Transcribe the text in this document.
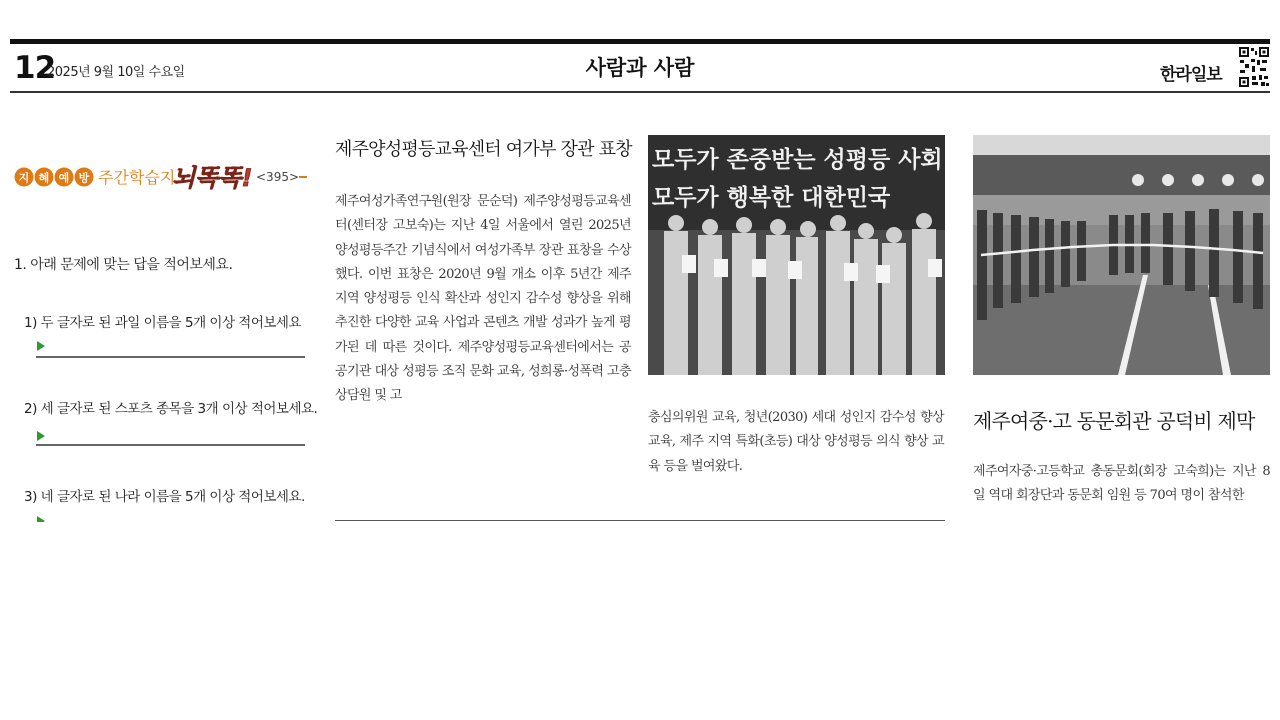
12
2025년 9월 10일 수요일	사람과 사람	한라일보
지 혜 예 방 주간학습지
뇌똑똑! <395>
1. 아래 문제에 맞는 답을 적어보세요.
1) 두 글자로 된 과일 이름을 5개 이상 적어보세요
2) 세 글자로 된 스포츠 종목을 3개 이상 적어보세요.
3) 네 글자로 된 나라 이름을 5개 이상 적어보세요.
제주양성평등교육센터 여가부 장관 표창
제주여성가족연구원(원장 문순덕) 제주양성평등교육센터(센터장 고보숙)는 지난 4일 서울에서 열린 2025년 양성평등주간 기념식에서 여성가족부 장관 표창을 수상했다. 이번 표창은 2020년 9월 개소 이후 5년간 제주 지역 양성평등 인식 확산과 성인지 감수성 향상을 위해 추진한 다양한 교육 사업과 콘텐츠 개발 성과가 높게 평가된 데 따른 것이다. 제주양성평등교육센터에서는 공공기관 대상 성평등 조직 문화 교육, 성희롱·성폭력 고충상담원 및 고
모두가 존중받는 성평등 사회
모두가 행복한 대한민국
충심의위원 교육, 청년(2030) 세대 성인지 감수성 향상 교육, 제주 지역 특화(초등) 대상 양성평등 의식 향상 교육 등을 벌여왔다.
제주여중·고 동문회관 공덕비 제막
제주여자중·고등학교 총동문회(회장 고숙희)는 지난 8일 역대 회장단과 동문회 임원 등 70여 명이 참석한
